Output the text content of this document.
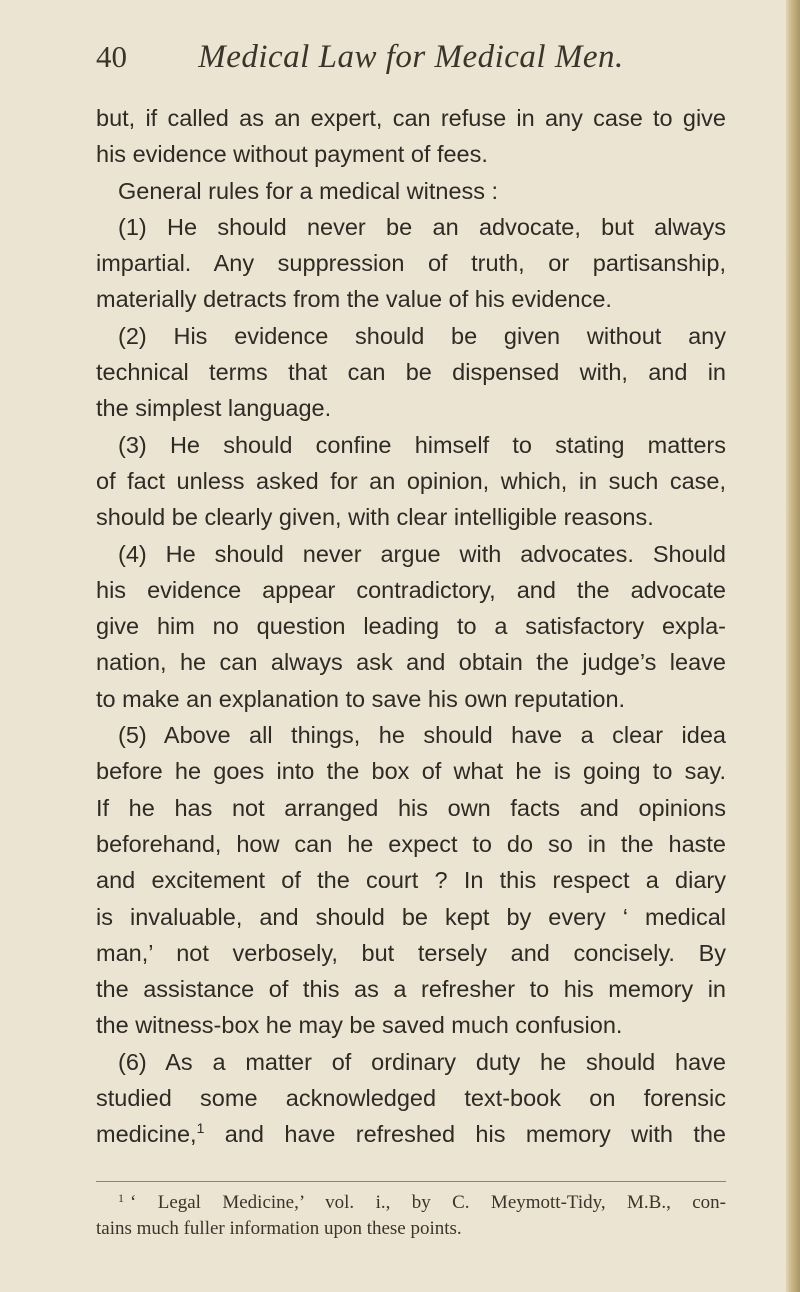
40	Medical Law for Medical Men.
but, if called as an expert, can refuse in any case to give
his evidence without payment of fees.
General rules for a medical witness :
(1) He should never be an advocate, but always
impartial. Any suppression of truth, or partisanship,
materially detracts from the value of his evidence.
(2) His evidence should be given without any
technical terms that can be dispensed with, and in
the simplest language.
(3) He should confine himself to stating matters
of fact unless asked for an opinion, which, in such case,
should be clearly given, with clear intelligible reasons.
(4) He should never argue with advocates. Should
his evidence appear contradictory, and the advocate
give him no question leading to a satisfactory expla-
nation, he can always ask and obtain the judge’s leave
to make an explanation to save his own reputation.
(5) Above all things, he should have a clear idea
before he goes into the box of what he is going to say.
If he has not arranged his own facts and opinions
beforehand, how can he expect to do so in the haste
and excitement of the court ? In this respect a diary
is invaluable, and should be kept by every ‘ medical
man,’ not verbosely, but tersely and concisely. By
the assistance of this as a refresher to his memory in
the witness-box he may be saved much confusion.
(6) As a matter of ordinary duty he should have
studied some acknowledged text-book on forensic
medicine,$^1$ and have refreshed his memory with the
$^1$ ‘ Legal Medicine,’ vol. i., by C. Meymott-Tidy, M.B., con-
tains much fuller information upon these points.
